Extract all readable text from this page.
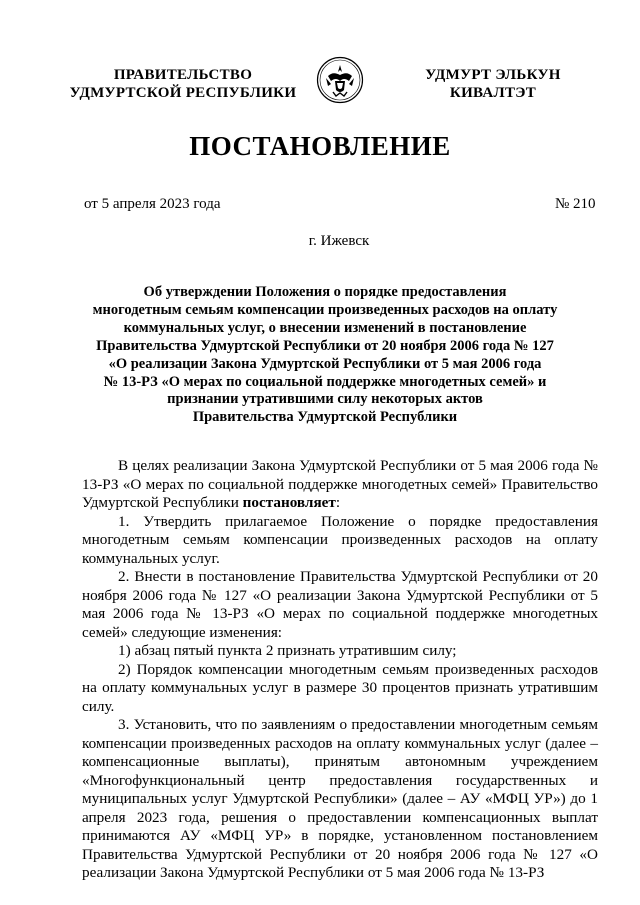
ПРАВИТЕЛЬСТВО
УДМУРТСКОЙ РЕСПУБЛИКИ
УДМУРТ ЭЛЬКУН
КИВАЛТЭТ
ПОСТАНОВЛЕНИЕ
от 5 апреля 2023 года	№ 210
г. Ижевск
Об утверждении Положения о порядке предоставления
многодетным семьям компенсации произведенных расходов на оплату
коммунальных услуг, о внесении изменений в постановление
Правительства Удмуртской Республики от 20 ноября 2006 года № 127
«О реализации Закона Удмуртской Республики от 5 мая 2006 года
№ 13-РЗ «О мерах по социальной поддержке многодетных семей» и
признании утратившими силу некоторых актов
Правительства Удмуртской Республики

В целях реализации Закона Удмуртской Республики от 5 мая 2006 года № 13-РЗ «О мерах по социальной поддержке многодетных семей» Правительство Удмуртской Республики постановляет:

1. Утвердить прилагаемое Положение о порядке предоставления многодетным семьям компенсации произведенных расходов на оплату коммунальных услуг.

2. Внести в постановление Правительства Удмуртской Республики от 20 ноября 2006 года № 127 «О реализации Закона Удмуртской Республики от 5 мая 2006 года № 13-РЗ «О мерах по социальной поддержке многодетных семей» следующие изменения:

1) абзац пятый пункта 2 признать утратившим силу;

2) Порядок компенсации многодетным семьям произведенных расходов на оплату коммунальных услуг в размере 30 процентов признать утратившим силу.

3. Установить, что по заявлениям о предоставлении многодетным семьям компенсации произведенных расходов на оплату коммунальных услуг (далее – компенсационные выплаты), принятым автономным учреждением «Многофункциональный центр предоставления государственных и муниципальных услуг Удмуртской Республики» (далее – АУ «МФЦ УР») до 1 апреля 2023 года, решения о предоставлении компенсационных выплат принимаются АУ «МФЦ УР» в порядке, установленном постановлением Правительства Удмуртской Республики от 20 ноября 2006 года № 127 «О реализации Закона Удмуртской Республики от 5 мая 2006 года № 13-РЗ
